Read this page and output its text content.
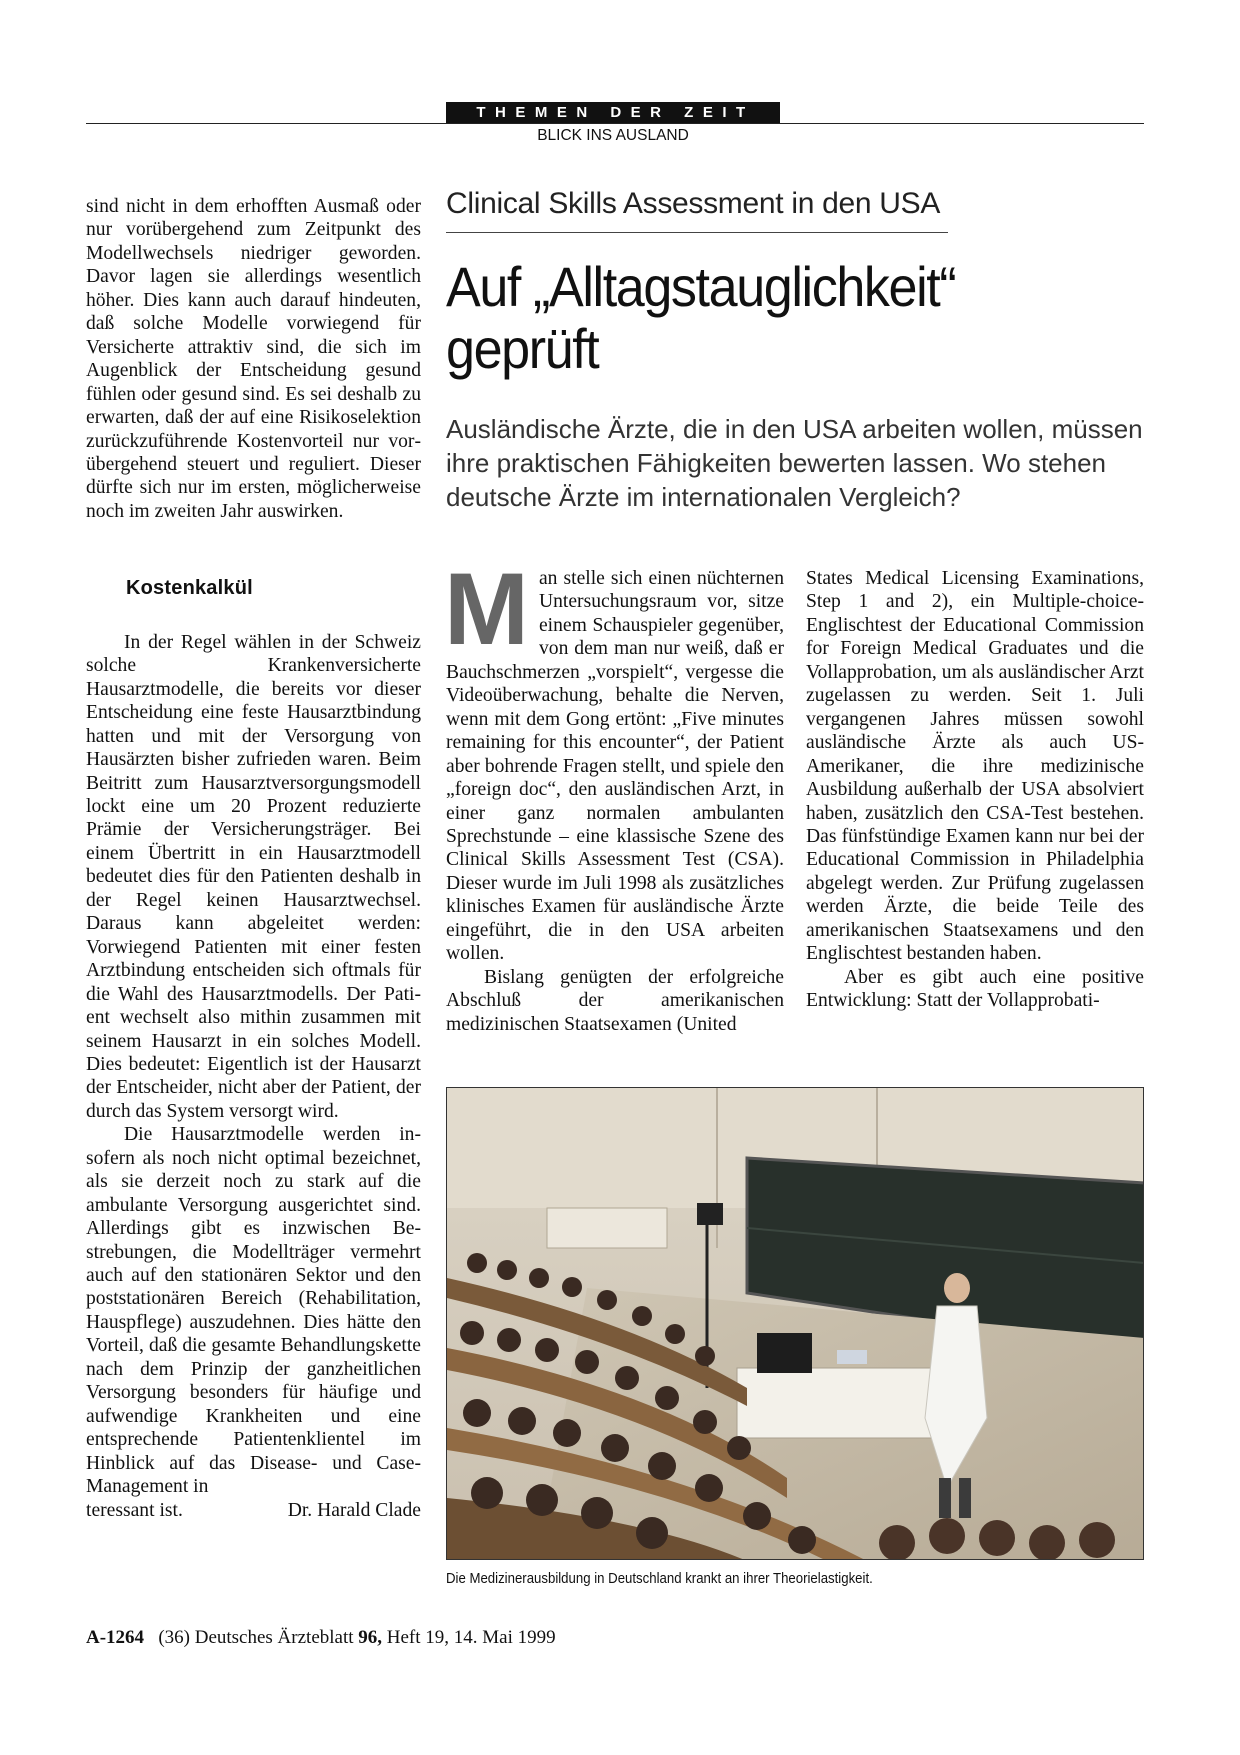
THEMEN DER ZEIT
BLICK INS AUSLAND

sind nicht in dem erhofften Ausmaß oder nur vorübergehend zum Zeitpunkt des Modellwechsels niedriger geworden. Davor lagen sie allerdings wesentlich höher. Dies kann auch darauf hindeuten, daß solche Modelle vorwiegend für Versicherte attraktiv sind, die sich im Augenblick der Entscheidung gesund fühlen oder gesund sind. Es sei deshalb zu erwarten, daß der auf eine Risikoselektion zurückzuführende Kostenvorteil nur vorübergehend steuert und reguliert. Dieser dürfte sich nur im ersten, möglicherweise noch im zweiten Jahr auswirken.

Kostenkalkül

In der Regel wählen in der Schweiz solche Krankenversicherte Hausarztmodelle, die bereits vor dieser Entscheidung eine feste Hausarztbindung hatten und mit der Versorgung von Hausärzten bisher zufrieden waren. Beim Beitritt zum Hausarztversorgungsmodell lockt eine um 20 Prozent reduzierte Prämie der Versicherungsträger. Bei einem Übertritt in ein Hausarztmodell bedeutet dies für den Patienten deshalb in der Regel keinen Hausarztwechsel. Daraus kann abgeleitet werden: Vorwiegend Patienten mit einer festen Arztbindung entscheiden sich oftmals für die Wahl des Hausarztmodells. Der Patient wechselt also mithin zusammen mit seinem Hausarzt in ein solches Modell. Dies bedeutet: Eigentlich ist der Hausarzt der Entscheider, nicht aber der Patient, der durch das System versorgt wird.

Die Hausarztmodelle werden insofern als noch nicht optimal bezeichnet, als sie derzeit noch zu stark auf die ambulante Versorgung ausgerichtet sind. Allerdings gibt es inzwischen Bestrebungen, die Modellträger vermehrt auch auf den stationären Sektor und den poststationären Bereich (Rehabilitation, Hauspflege) auszudehnen. Dies hätte den Vorteil, daß die gesamte Behandlungskette nach dem Prinzip der ganzheitlichen Versorgung besonders für häufige und aufwendige Krankheiten und eine entsprechende Patientenklientel im Hinblick auf das Disease- und Case-Management in

teressant ist.	Dr. Harald Clade
Clinical Skills Assessment in den USA
Auf „Alltagstauglichkeit“
geprüft
Ausländische Ärzte, die in den USA arbeiten wollen, müssen ihre praktischen Fähigkeiten bewerten lassen. Wo stehen deutsche Ärzte im internationalen Vergleich?

Man stelle sich einen nüchternen Untersuchungsraum vor, sitze einem Schauspieler gegenüber, von dem man nur weiß, daß er Bauchschmerzen „vorspielt“, vergesse die Videoüberwachung, behalte die Nerven, wenn mit dem Gong ertönt: „Five minutes remaining for this encounter“, der Patient aber bohrende Fragen stellt, und spiele den „foreign doc“, den ausländischen Arzt, in einer ganz normalen ambulanten Sprechstunde – eine klassische Szene des Clinical Skills Assessment Test (CSA). Dieser wurde im Juli 1998 als zusätzliches klinisches Examen für ausländische Ärzte eingeführt, die in den USA arbeiten wollen.

Bislang genügten der erfolgreiche Abschluß der amerikanischen medizinischen Staatsexamen (United

States Medical Licensing Examinations, Step 1 and 2), ein Multiple-choice-Englischtest der Educational Commission for Foreign Medical Graduates und die Vollapprobation, um als ausländischer Arzt zugelassen zu werden. Seit 1. Juli vergangenen Jahres müssen sowohl ausländische Ärzte als auch US-Amerikaner, die ihre medizinische Ausbildung außerhalb der USA absolviert haben, zusätzlich den CSA-Test bestehen. Das fünfstündige Examen kann nur bei der Educational Commission in Philadelphia abgelegt werden. Zur Prüfung zugelassen werden Ärzte, die beide Teile des amerikanischen Staatsexamens und den Englischtest bestanden haben.

Aber es gibt auch eine positive Entwicklung: Statt der Vollapprobati-

Die Medizinerausbildung in Deutschland krankt an ihrer Theorielastigkeit.
A-1264 (36) Deutsches Ärzteblatt 96, Heft 19, 14. Mai 1999
